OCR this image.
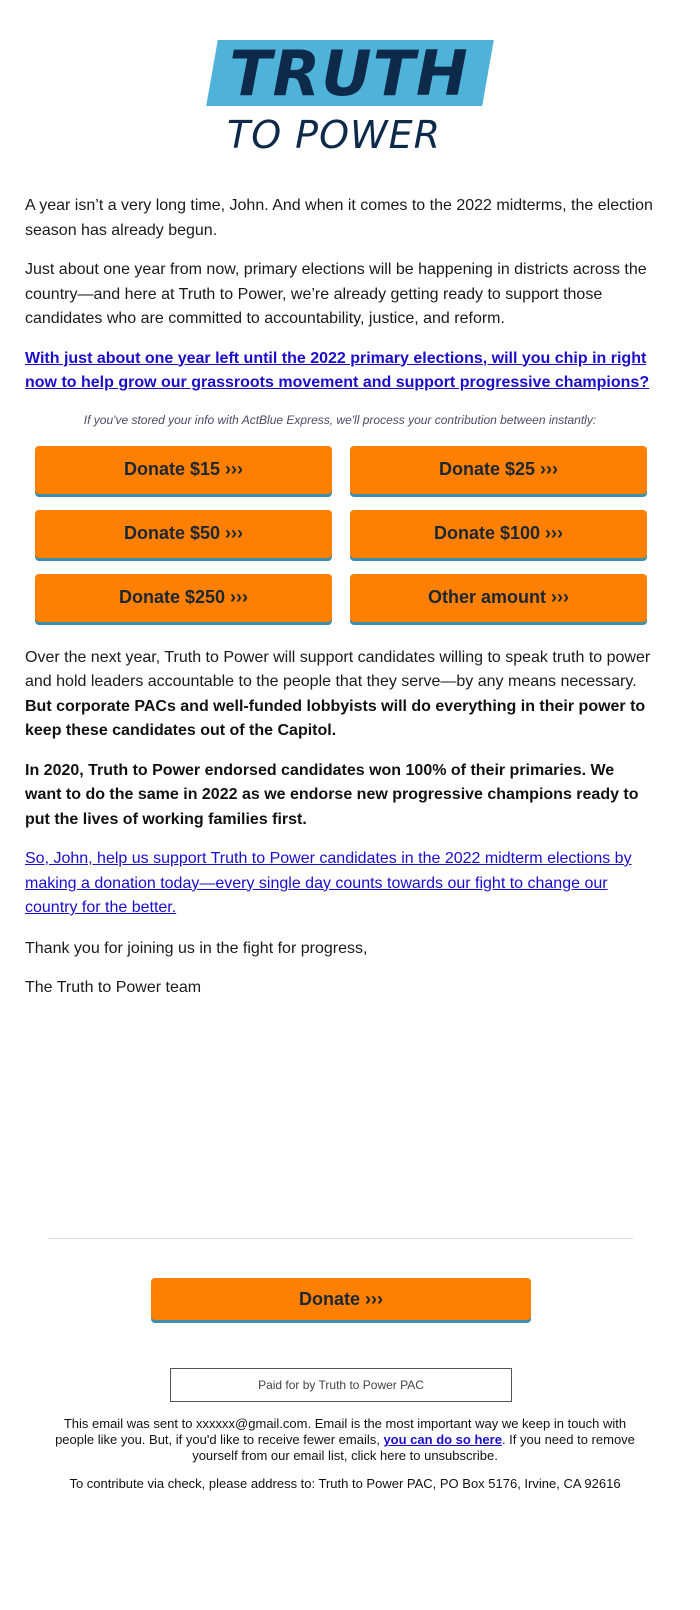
TRUTH
TO POWER

A year isn’t a very long time, John. And when it comes to the 2022 midterms, the election season has already begun.

Just about one year from now, primary elections will be happening in districts across the country—and here at Truth to Power, we’re already getting ready to support those candidates who are committed to accountability, justice, and reform.

With just about one year left until the 2022 primary elections, will you chip in right now to help grow our grassroots movement and support progressive champions?
If you've stored your info with ActBlue Express, we'll process your contribution between instantly:
Donate $15 ›››	Donate $25 ›››
Donate $50 ›››	Donate $100 ›››
Donate $250 ›››	Other amount ›››

Over the next year, Truth to Power will support candidates willing to speak truth to power and hold leaders accountable to the people that they serve—by any means necessary. But corporate PACs and well-funded lobbyists will do everything in their power to keep these candidates out of the Capitol.

In 2020, Truth to Power endorsed candidates won 100% of their primaries. We want to do the same in 2022 as we endorse new progressive champions ready to put the lives of working families first.

So, John, help us support Truth to Power candidates in the 2022 midterm elections by making a donation today—every single day counts towards our fight to change our country for the better.

Thank you for joining us in the fight for progress,

The Truth to Power team

Donate ›››
Paid for by Truth to Power PAC

This email was sent to xxxxxx@gmail.com. Email is the most important way we keep in touch with people like you. But, if you'd like to receive fewer emails, you can do so here. If you need to remove yourself from our email list, click here to unsubscribe.

To contribute via check, please address to: Truth to Power PAC, PO Box 5176, Irvine, CA 92616
